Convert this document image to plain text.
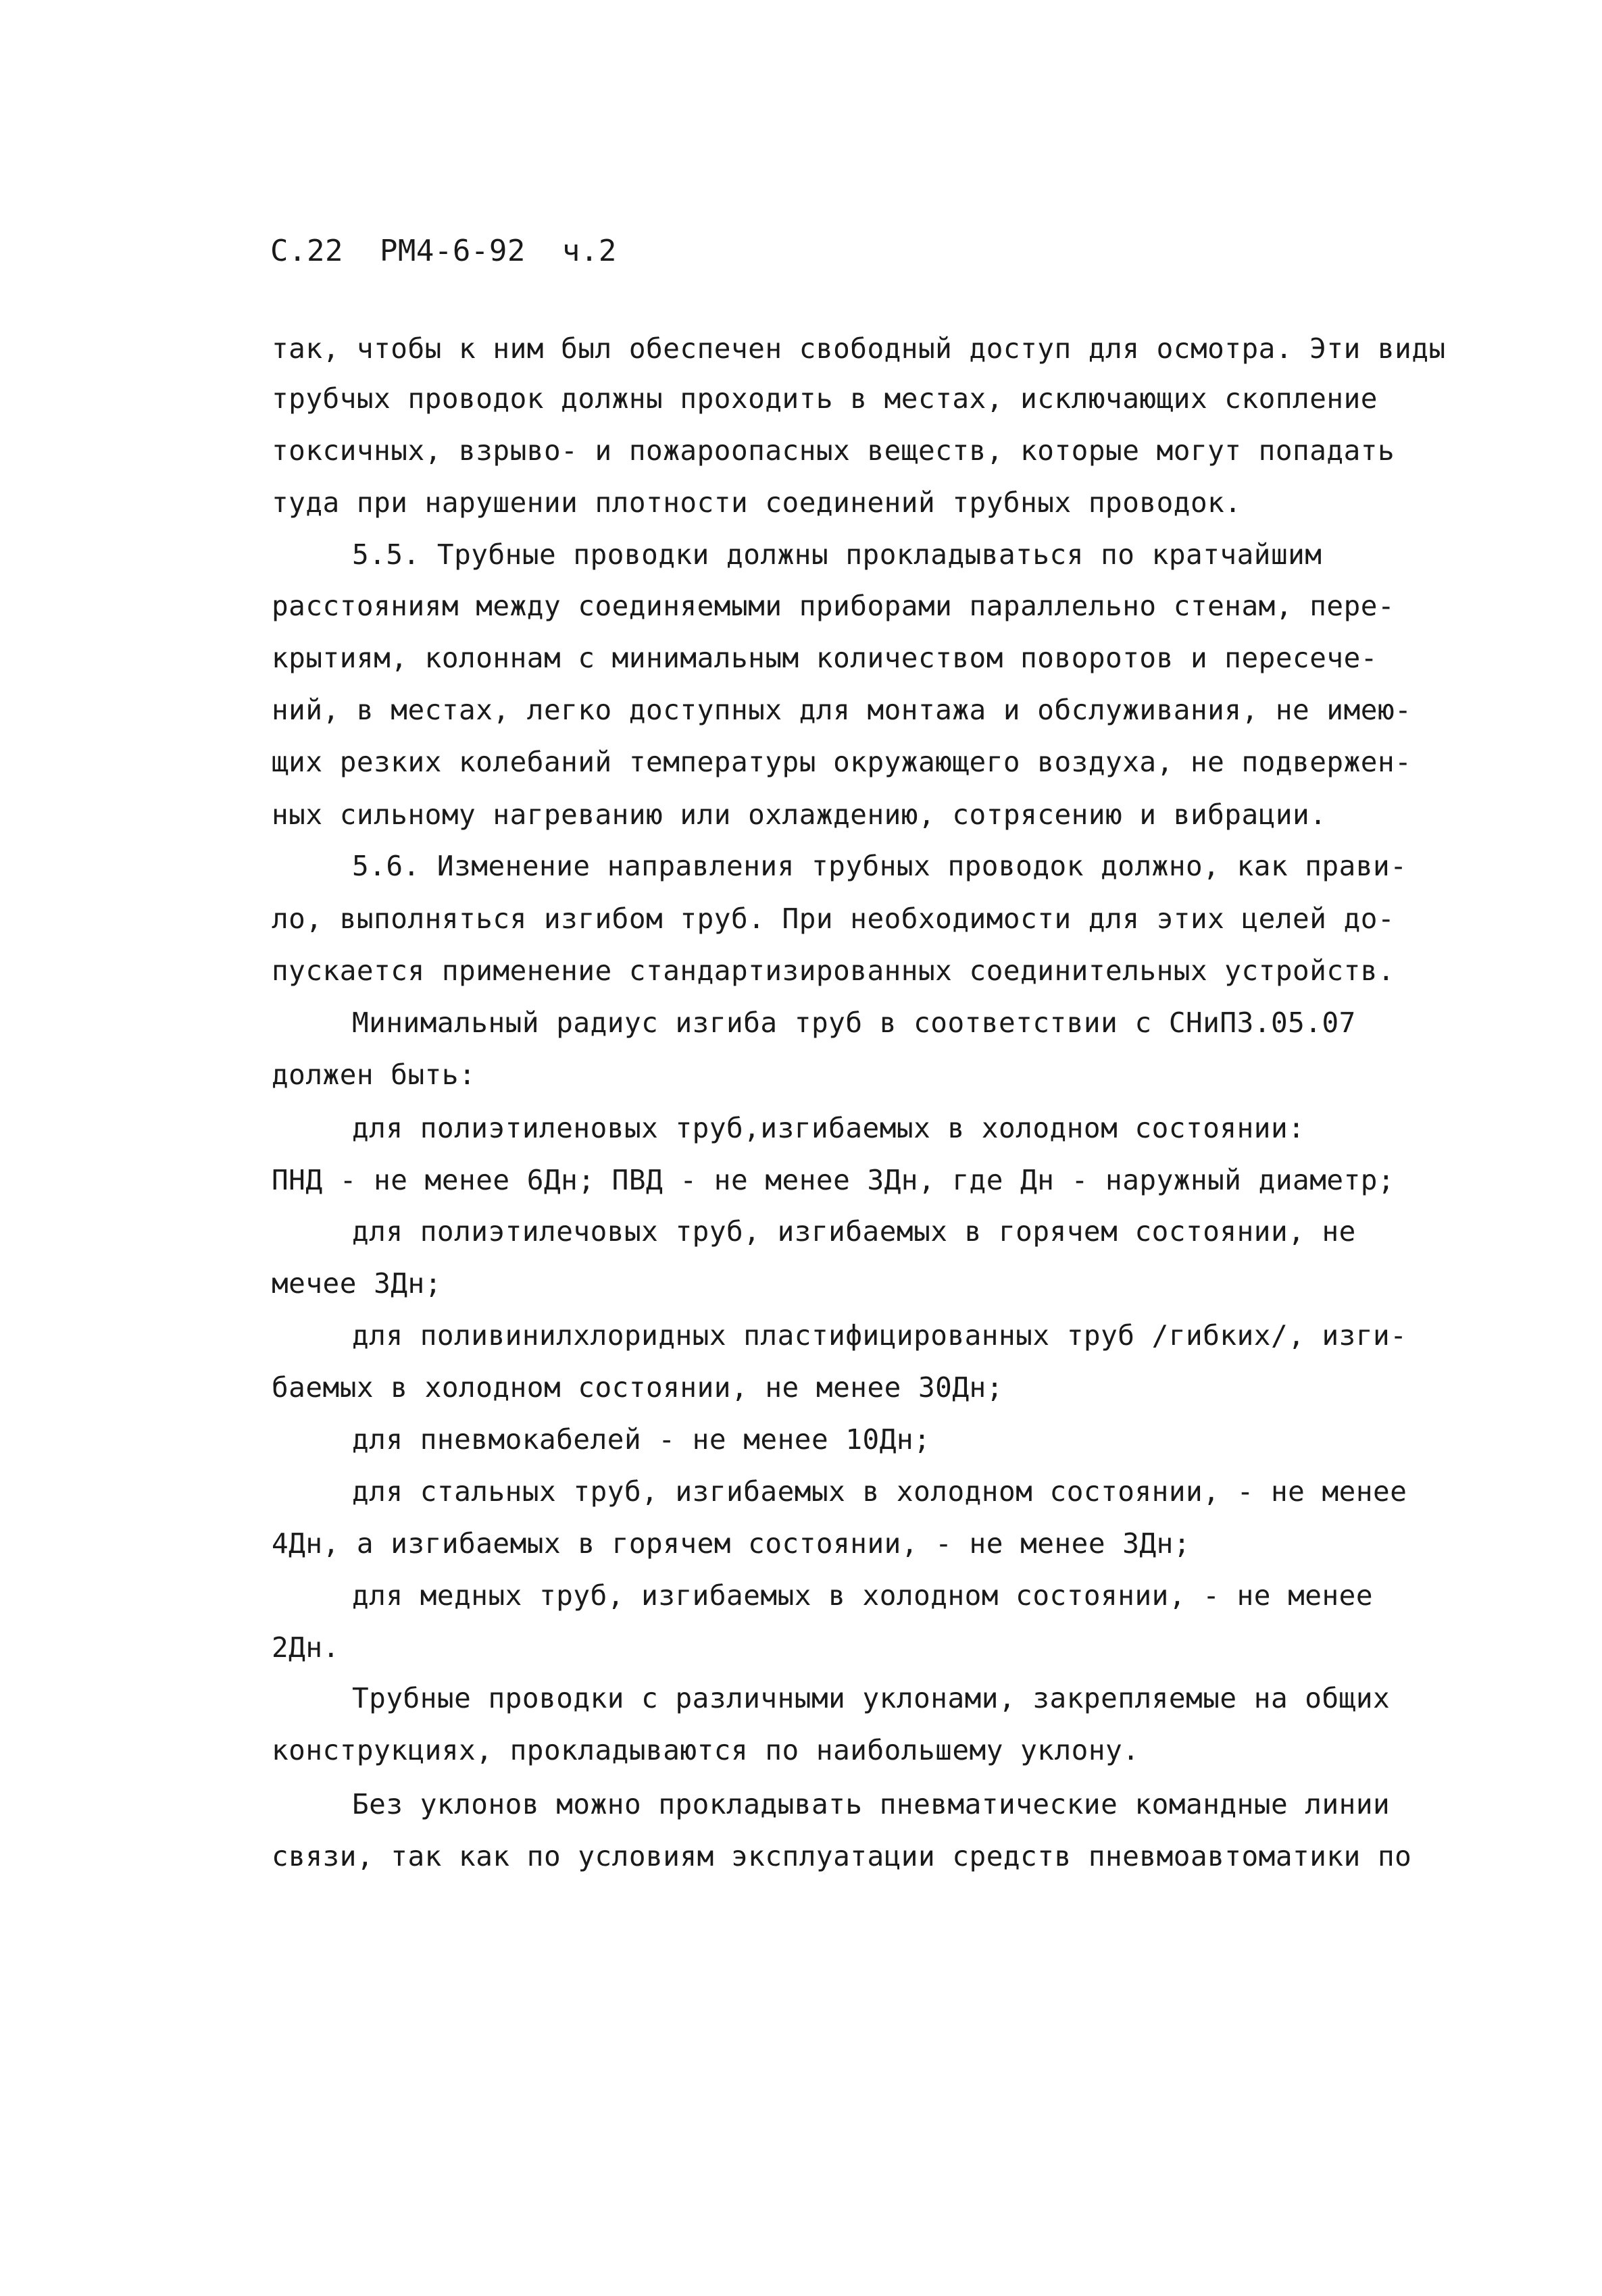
С.22  РМ4-6-92  ч.2
так, чтобы к ним был обеспечен свободный доступ для осмотра. Эти виды
трубчых проводок должны проходить в местах, исключающих скопление
токсичных, взрыво- и пожароопасных веществ, которые могут попадать
туда при нарушении плотности соединений трубных проводок.
5.5. Трубные проводки должны прокладываться по кратчайшим
расстояниям между соединяемыми приборами параллельно стенам, пере-
крытиям, колоннам с минимальным количеством поворотов и пересече-
ний, в местах, легко доступных для монтажа и обслуживания, не имею-
щих резких колебаний температуры окружающего воздуха, не подвержен-
ных сильному нагреванию или охлаждению, сотрясению и вибрации.
5.6. Изменение направления трубных проводок должно, как прави-
ло, выполняться изгибом труб. При необходимости для этих целей до-
пускается применение стандартизированных соединительных устройств.
Минимальный радиус изгиба труб в соответствии с СНиП3.05.07
должен быть:
для полиэтиленовых труб,изгибаемых в холодном состоянии:
ПНД - не менее 6Дн; ПВД - не менее 3Дн, где Дн - наружный диаметр;
для полиэтилечовых труб, изгибаемых в горячем состоянии, не
мечее 3Дн;
для поливинилхлоридных пластифицированных труб /гибких/, изги-
баемых в холодном состоянии, не менее 30Дн;
для пневмокабелей - не менее 10Дн;
для стальных труб, изгибаемых в холодном состоянии, - не менее
4Дн, а изгибаемых в горячем состоянии, - не менее 3Дн;
для медных труб, изгибаемых в холодном состоянии, - не менее
2Дн.
Трубные проводки с различными уклонами, закрепляемые на общих
конструкциях, прокладываются по наибольшему уклону.
Без уклонов можно прокладывать пневматические командные линии
связи, так как по условиям эксплуатации средств пневмоавтоматики по
